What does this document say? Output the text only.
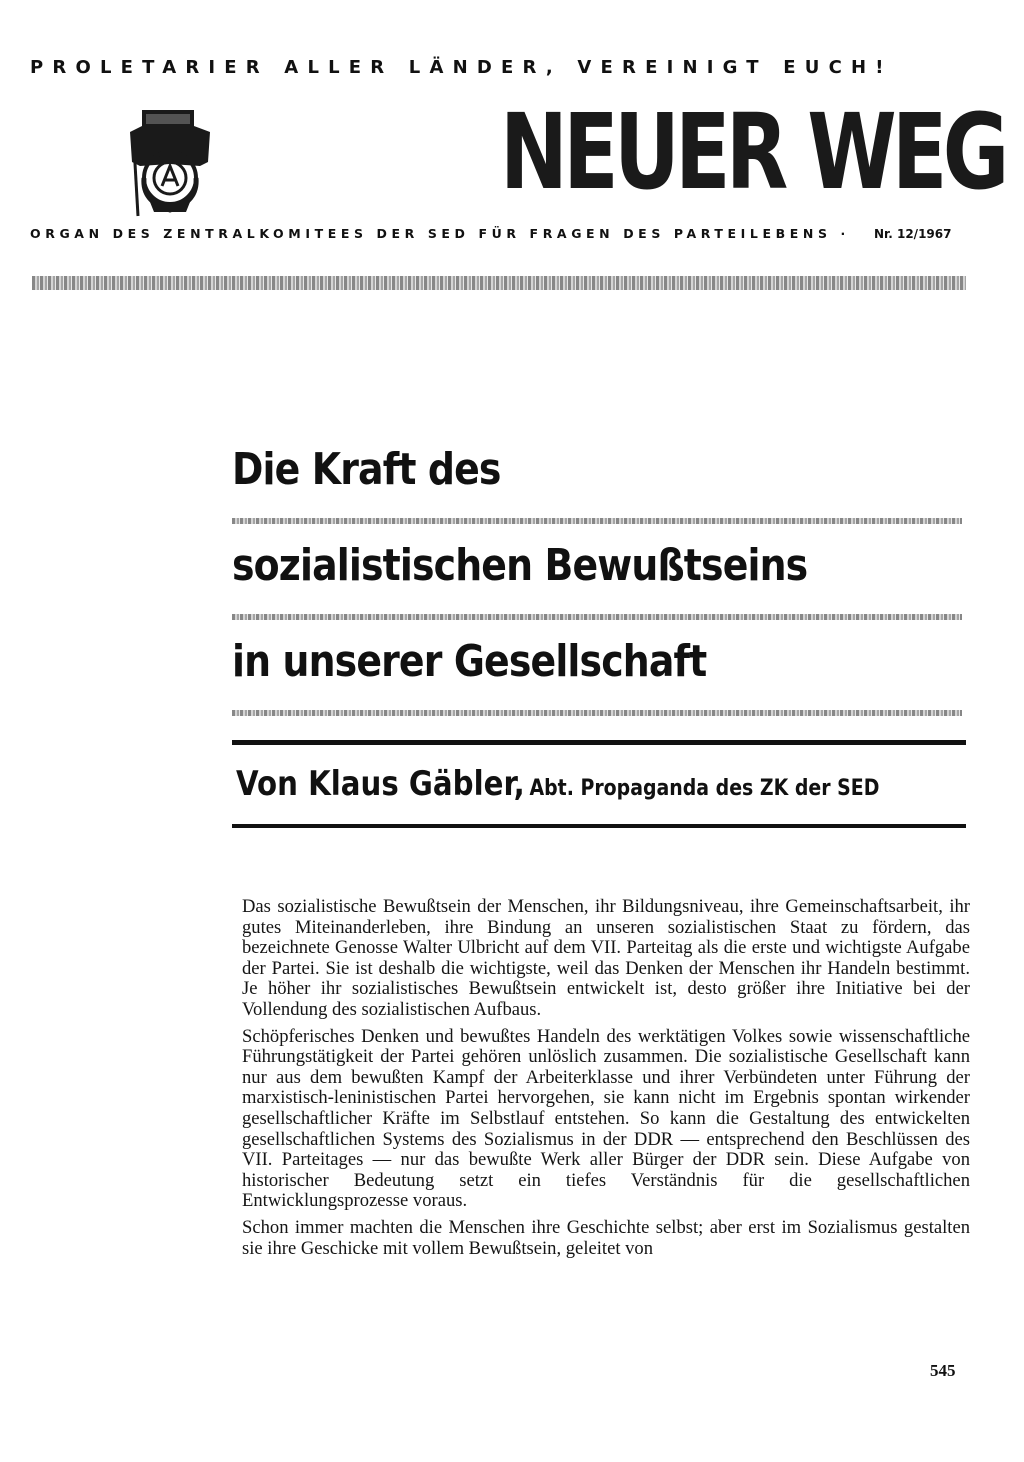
PROLETARIER ALLER LÄNDER, VEREINIGT EUCH!
NEUER WEG
ORGAN DES ZENTRALKOMITEES DER SED FÜR FRAGEN DES PARTEILEBENS ·	Nr. 12/1967
Die Kraft des
sozialistischen Bewußtseins
in unserer Gesellschaft
Von Klaus Gäbler, Abt. Propaganda des ZK der SED

Das sozialistische Bewußtsein der Menschen, ihr Bildungsniveau, ihre Gemeinschaftsarbeit, ihr gutes Miteinanderleben, ihre Bindung an unseren sozialistischen Staat zu fördern, das bezeichnete Genosse Walter Ulbricht auf dem VII. Parteitag als die erste und wichtigste Aufgabe der Partei. Sie ist deshalb die wichtigste, weil das Denken der Menschen ihr Handeln bestimmt. Je höher ihr sozialistisches Bewußtsein entwickelt ist, desto größer ihre Initiative bei der Vollendung des sozialistischen Aufbaus.

Schöpferisches Denken und bewußtes Handeln des werktätigen Volkes sowie wissenschaftliche Führungstätigkeit der Partei gehören unlöslich zusammen. Die sozialistische Gesellschaft kann nur aus dem bewußten Kampf der Arbeiterklasse und ihrer Verbündeten unter Führung der marxistisch-leninistischen Partei hervorgehen, sie kann nicht im Ergebnis spontan wirkender gesellschaftlicher Kräfte im Selbstlauf entstehen. So kann die Gestaltung des entwickelten gesellschaftlichen Systems des Sozialismus in der DDR — entsprechend den Beschlüssen des VII. Parteitages — nur das bewußte Werk aller Bürger der DDR sein. Diese Aufgabe von historischer Bedeutung setzt ein tiefes Verständnis für die gesellschaftlichen Entwicklungsprozesse voraus.

Schon immer machten die Menschen ihre Geschichte selbst; aber erst im Sozialismus gestalten sie ihre Geschicke mit vollem Bewußtsein, geleitet von

545
